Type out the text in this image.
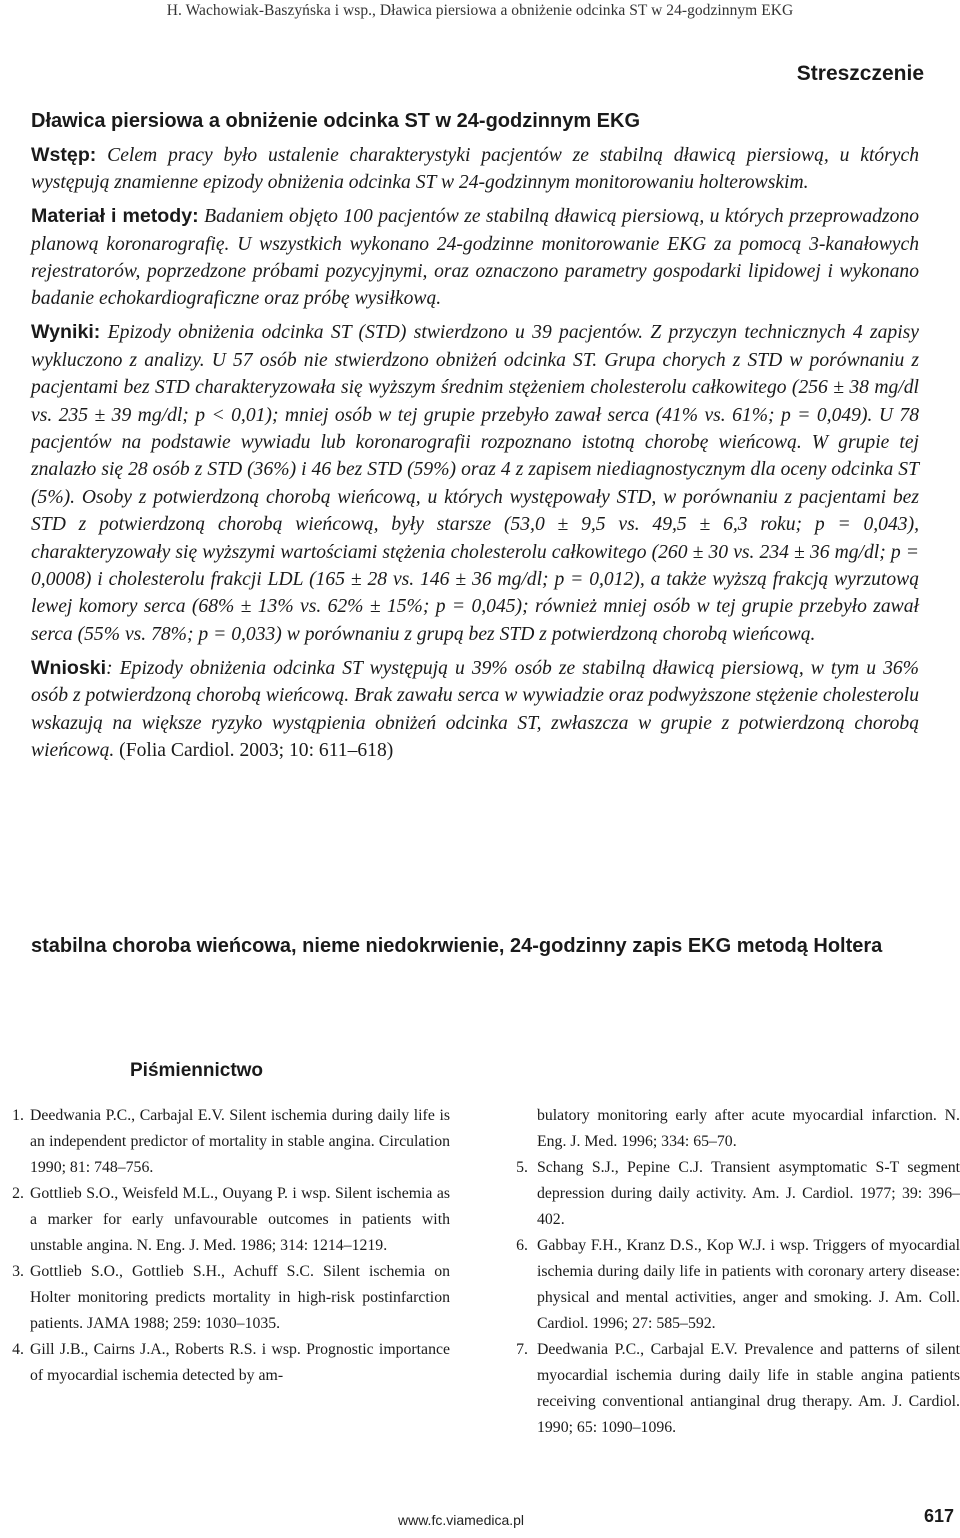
H. Wachowiak-Baszyńska i wsp., Dławica piersiowa a obniżenie odcinka ST w 24-godzinnym EKG
Streszczenie

Dławica piersiowa a obniżenie odcinka ST w 24-godzinnym EKG

Wstęp: Celem pracy było ustalenie charakterystyki pacjentów ze stabilną dławicą piersiową, u których występują znamienne epizody obniżenia odcinka ST w 24-godzinnym monitorowaniu holterowskim.

Materiał i metody: Badaniem objęto 100 pacjentów ze stabilną dławicą piersiową, u których przeprowadzono planową koronarografię. U wszystkich wykonano 24-godzinne monitorowanie EKG za pomocą 3-kanałowych rejestratorów, poprzedzone próbami pozycyjnymi, oraz oznaczono parametry gospodarki lipidowej i wykonano badanie echokardiograficzne oraz próbę wysiłkową.

Wyniki: Epizody obniżenia odcinka ST (STD) stwierdzono u 39 pacjentów. Z przyczyn technicznych 4 zapisy wykluczono z analizy. U 57 osób nie stwierdzono obniżeń odcinka ST. Grupa chorych z STD w porównaniu z pacjentami bez STD charakteryzowała się wyższym średnim stężeniem cholesterolu całkowitego (256 ± 38 mg/dl vs. 235 ± 39 mg/dl; p < 0,01); mniej osób w tej grupie przebyło zawał serca (41% vs. 61%; p = 0,049). U 78 pacjentów na podstawie wywiadu lub koronarografii rozpoznano istotną chorobę wieńcową. W grupie tej znalazło się 28 osób z STD (36%) i 46 bez STD (59%) oraz 4 z zapisem niediagnostycznym dla oceny odcinka ST (5%). Osoby z potwierdzoną chorobą wieńcową, u których występowały STD, w porównaniu z pacjentami bez STD z potwierdzoną chorobą wieńcową, były starsze (53,0 ± 9,5 vs. 49,5 ± 6,3 roku; p = 0,043), charakteryzowały się wyższymi wartościami stężenia cholesterolu całkowitego (260 ± 30 vs. 234 ± 36 mg/dl; p = 0,0008) i cholesterolu frakcji LDL (165 ± 28 vs. 146 ± 36 mg/dl; p = 0,012), a także wyższą frakcją wyrzutową lewej komory serca (68% ± 13% vs. 62% ± 15%; p = 0,045); również mniej osób w tej grupie przebyło zawał serca (55% vs. 78%; p = 0,033) w porównaniu z grupą bez STD z potwierdzoną chorobą wieńcową.

Wnioski: Epizody obniżenia odcinka ST występują u 39% osób ze stabilną dławicą piersiową, w tym u 36% osób z potwierdzoną chorobą wieńcową. Brak zawału serca w wywiadzie oraz podwyższone stężenie cholesterolu wskazują na większe ryzyko wystąpienia obniżeń odcinka ST, zwłaszcza w grupie z potwierdzoną chorobą wieńcową. (Folia Cardiol. 2003; 10: 611–618)

stabilna choroba wieńcowa, nieme niedokrwienie, 24-godzinny zapis EKG metodą Holtera
Piśmiennictwo
1. Deedwania P.C., Carbajal E.V. Silent ischemia during daily life is an independent predictor of mortality in stable angina. Circulation 1990; 81: 748–756.
2. Gottlieb S.O., Weisfeld M.L., Ouyang P. i wsp. Silent ischemia as a marker for early unfavourable outcomes in patients with unstable angina. N. Eng. J. Med. 1986; 314: 1214–1219.
3. Gottlieb S.O., Gottlieb S.H., Achuff S.C. Silent ischemia on Holter monitoring predicts mortality in high-risk postinfarction patients. JAMA 1988; 259: 1030–1035.
4. Gill J.B., Cairns J.A., Roberts R.S. i wsp. Prognostic importance of myocardial ischemia detected by am-
bulatory monitoring early after acute myocardial infarction. N. Eng. J. Med. 1996; 334: 65–70.
5. Schang S.J., Pepine C.J. Transient asymptomatic S-T segment depression during daily activity. Am. J. Cardiol. 1977; 39: 396–402.
6. Gabbay F.H., Kranz D.S., Kop W.J. i wsp. Triggers of myocardial ischemia during daily life in patients with coronary artery disease: physical and mental activities, anger and smoking. J. Am. Coll. Cardiol. 1996; 27: 585–592.
7. Deedwania P.C., Carbajal E.V. Prevalence and patterns of silent myocardial ischemia during daily life in stable angina patients receiving conventional antianginal drug therapy. Am. J. Cardiol. 1990; 65: 1090–1096.
www.fc.viamedica.pl	617
